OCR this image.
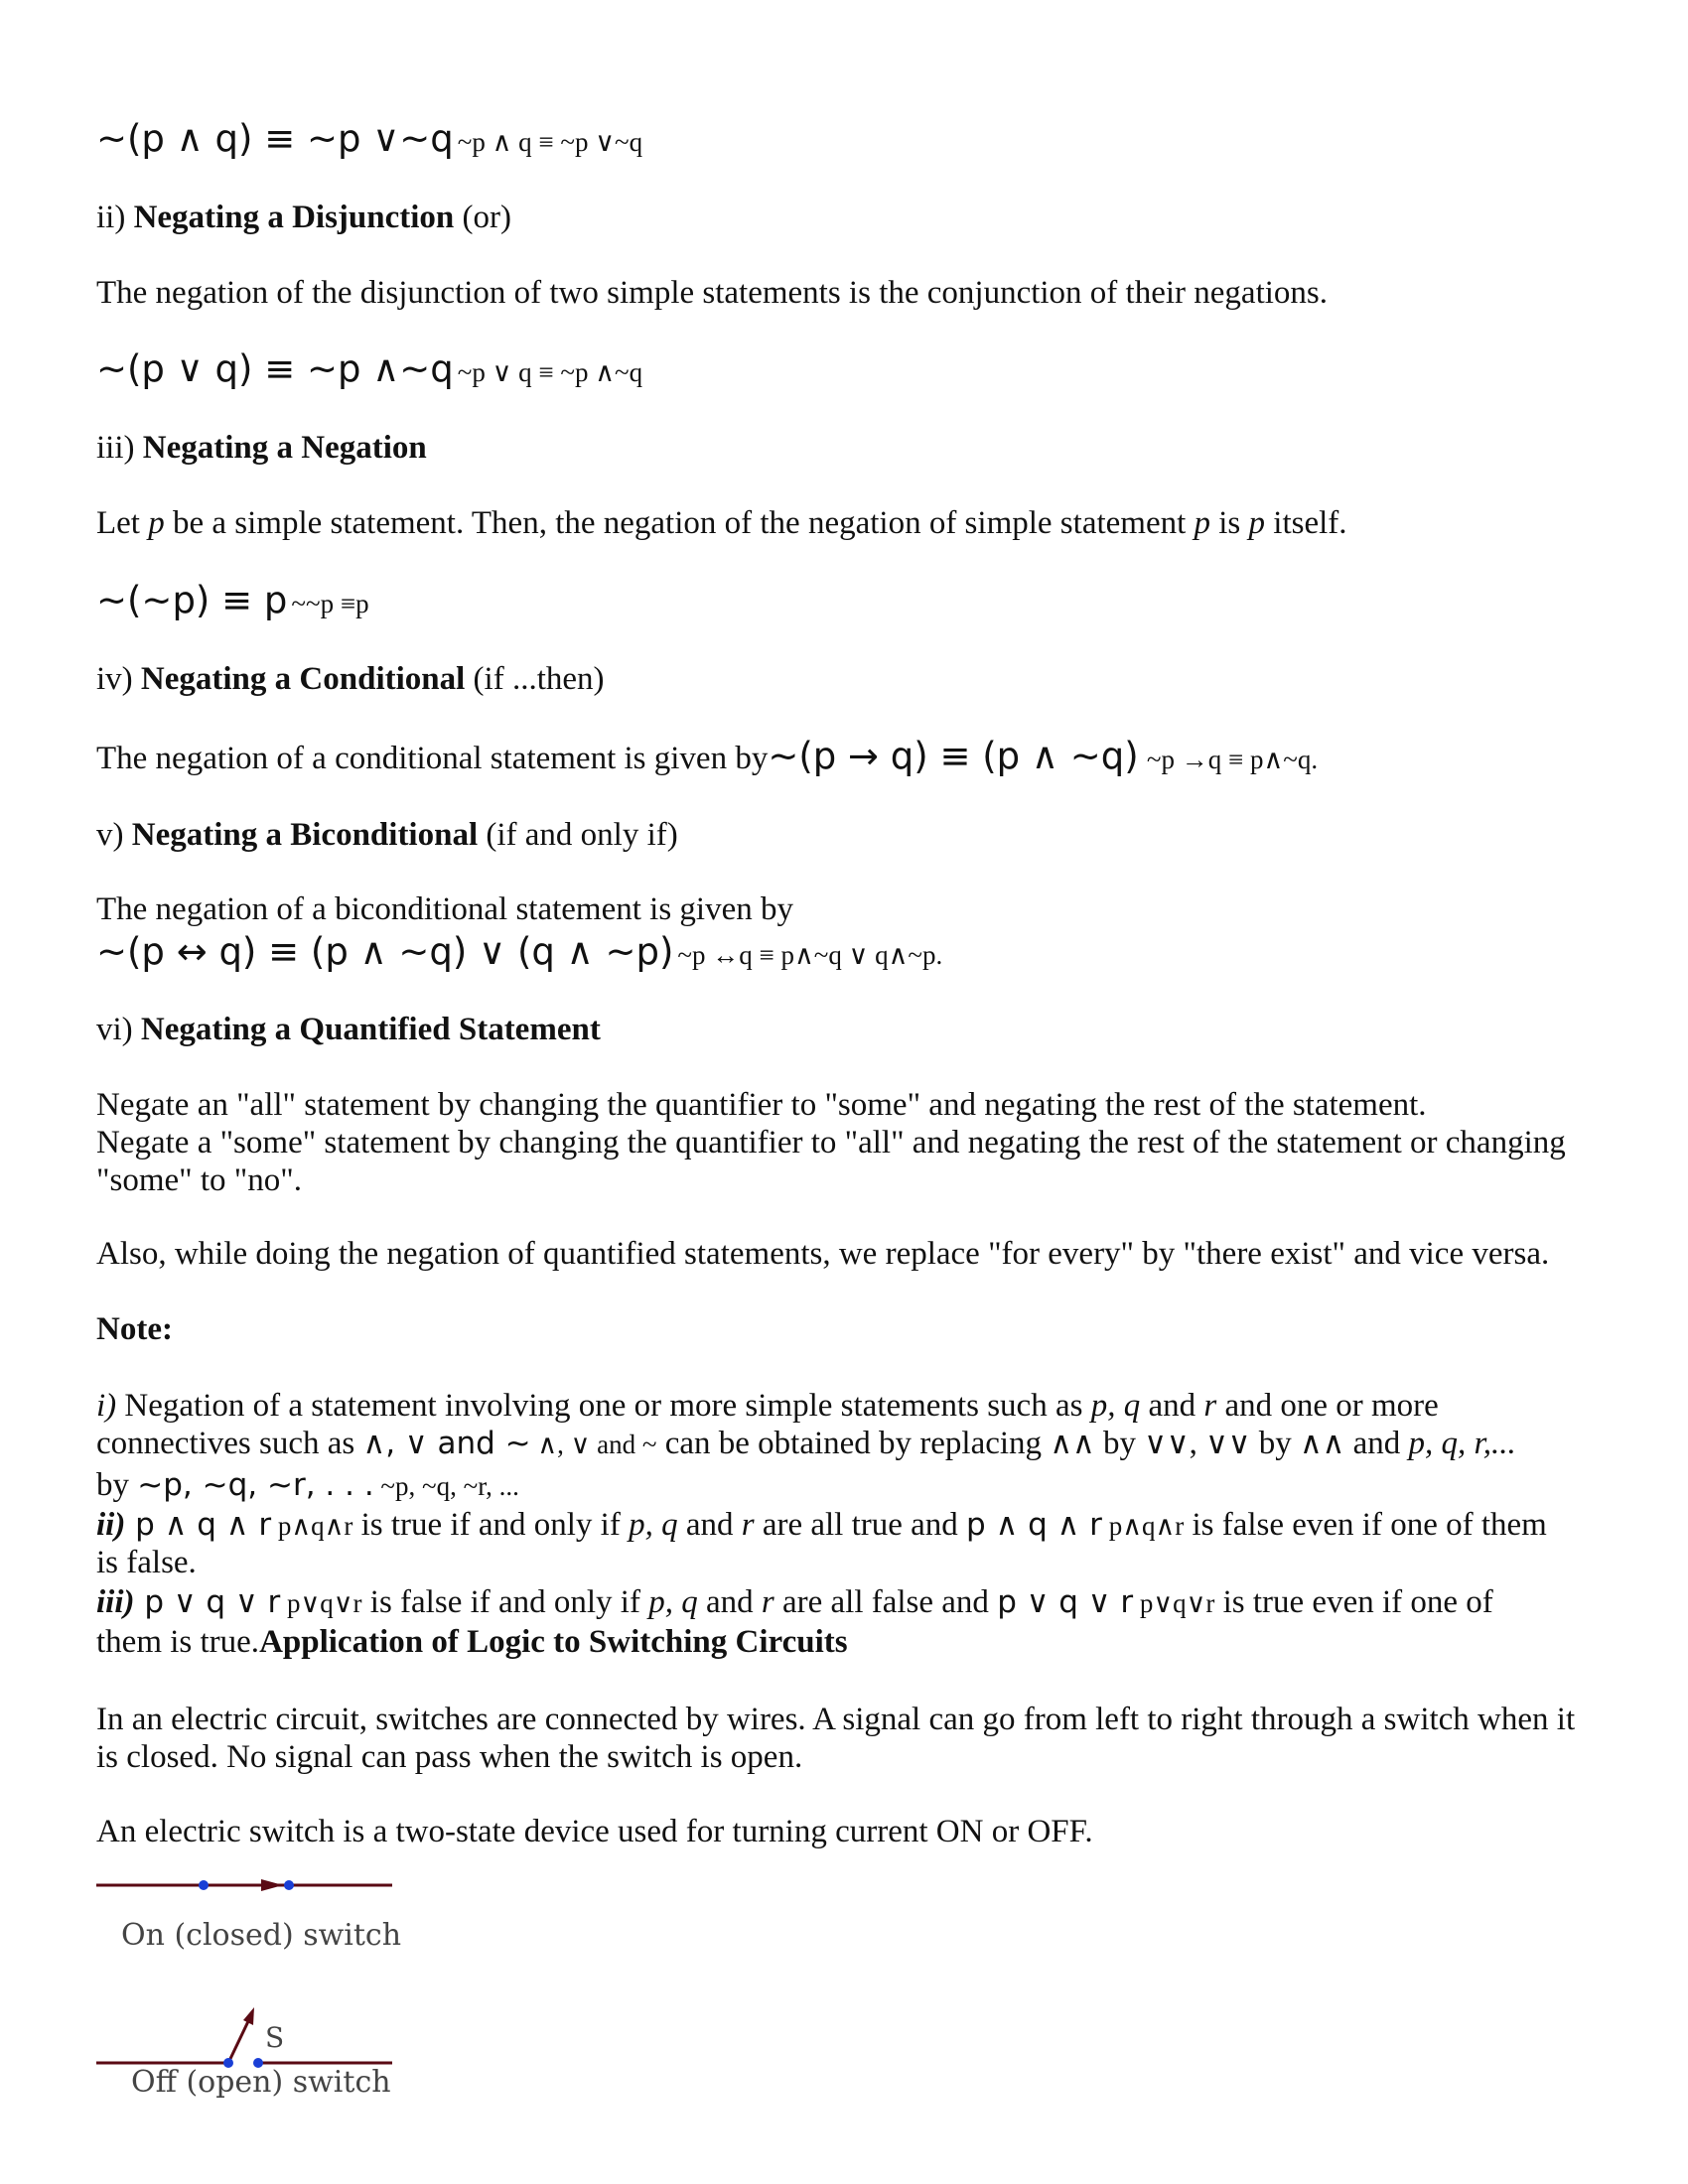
~(p ∧ q) ≡ ~p ∨~q ~p ∧ q ≡ ~p ∨~q
ii) Negating a Disjunction (or)
The negation of the disjunction of two simple statements is the conjunction of their negations.
~(p ∨ q) ≡ ~p ∧~q ~p ∨ q ≡ ~p ∧~q
iii) Negating a Negation
Let p be a simple statement. Then, the negation of the negation of simple statement p is p itself.
~(~p) ≡ p ~~p ≡p
iv) Negating a Conditional (if ...then)
The negation of a conditional statement is given by~(p → q) ≡ (p ∧ ~q) ~p →q ≡ p∧~q.
v) Negating a Biconditional (if and only if)
The negation of a biconditional statement is given by
~(p ↔ q) ≡ (p ∧ ~q) ∨ (q ∧ ~p) ~p ↔q ≡ p∧~q ∨ q∧~p.
vi) Negating a Quantified Statement
Negate an "all" statement by changing the quantifier to "some" and negating the rest of the statement.
Negate a "some" statement by changing the quantifier to "all" and negating the rest of the statement or changing
"some" to "no".
Also, while doing the negation of quantified statements, we replace "for every" by "there exist" and vice versa.
Note:
i) Negation of a statement involving one or more simple statements such as p, q and r and one or more
connectives such as ∧, ∨ and ~ ∧, ∨ and ~ can be obtained by replacing ∧∧ by ∨∨, ∨∨ by ∧∧ and p, q, r,...
by ~p, ~q, ~r, . . . ~p, ~q, ~r, ...
ii) p ∧ q ∧ r p∧q∧r is true if and only if p, q and r are all true and p ∧ q ∧ r p∧q∧r is false even if one of them
is false.
iii) p ∨ q ∨ r p∨q∨r is false if and only if p, q and r are all false and p ∨ q ∨ r p∨q∨r is true even if one of
them is true.Application of Logic to Switching Circuits
In an electric circuit, switches are connected by wires. A signal can go from left to right through a switch when it
is closed. No signal can pass when the switch is open.
An electric switch is a two-state device used for turning current ON or OFF.
On (closed) switch
S
Off (open) switch
